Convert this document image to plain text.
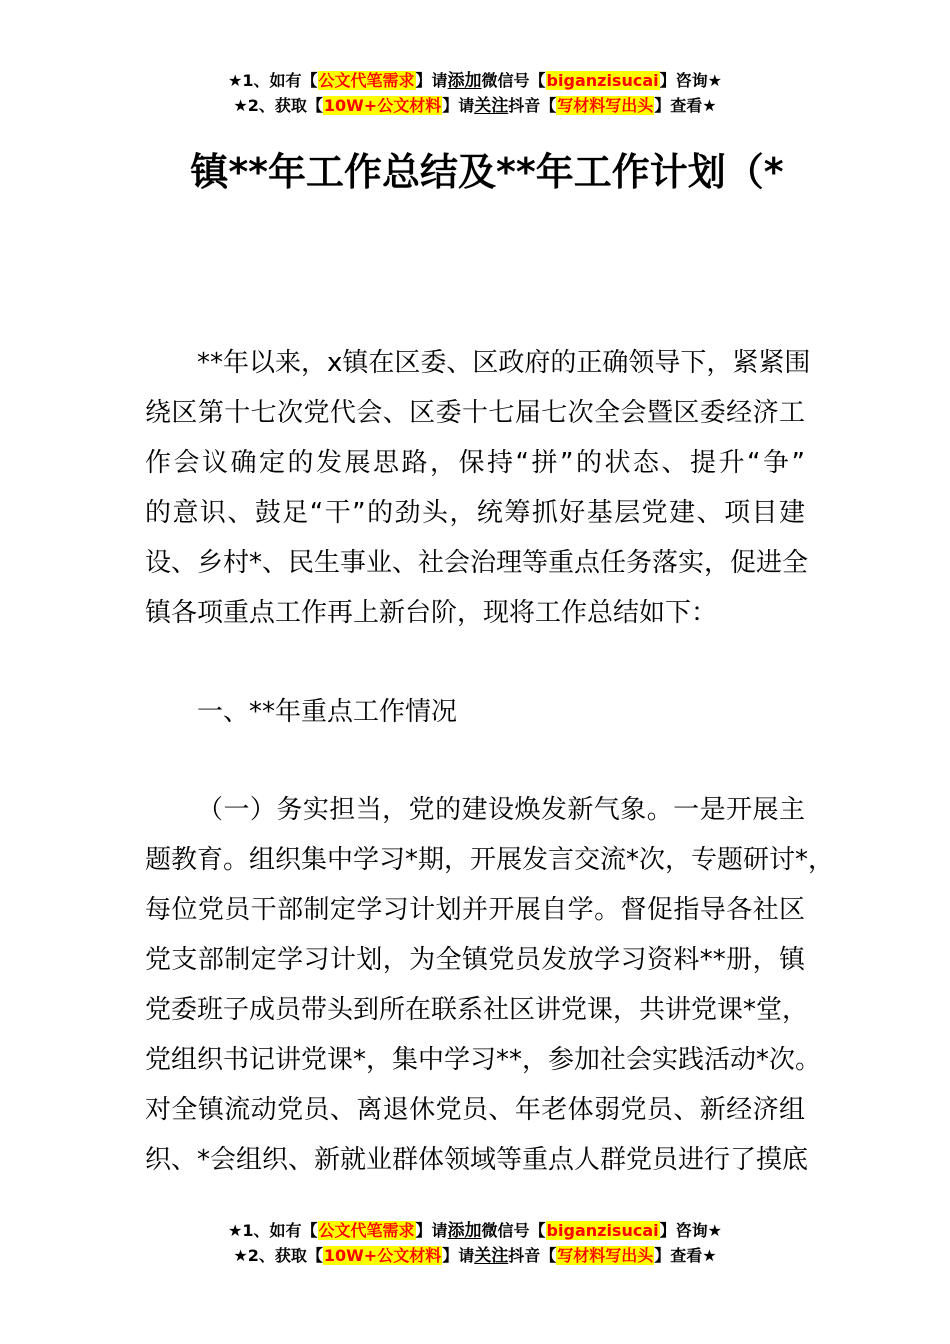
★1、如有【公文代笔需求】请添加微信号【biganzisucai】咨询★
★2、获取【10W+公文材料】请关注抖音【写材料写出头】查看★
镇**年工作总结及**年工作计划（*
**年以来，x镇在区委、区政府的正确领导下，紧紧围
绕区第十七次党代会、区委十七届七次全会暨区委经济工
作会议确定的发展思路，保持“拼”的状态、提升“争”
的意识、鼓足“干”的劲头，统筹抓好基层党建、项目建
设、乡村*、民生事业、社会治理等重点任务落实，促进全
镇各项重点工作再上新台阶，现将工作总结如下：
一、**年重点工作情况
（一）务实担当，党的建设焕发新气象。一是开展主
题教育。组织集中学习*期，开展发言交流*次，专题研讨*，
每位党员干部制定学习计划并开展自学。督促指导各社区
党支部制定学习计划，为全镇党员发放学习资料**册，镇
党委班子成员带头到所在联系社区讲党课，共讲党课*堂，
党组织书记讲党课*，集中学习**，参加社会实践活动*次。
对全镇流动党员、离退休党员、年老体弱党员、新经济组
织、*会组织、新就业群体领域等重点人群党员进行了摸底
★1、如有【公文代笔需求】请添加微信号【biganzisucai】咨询★
★2、获取【10W+公文材料】请关注抖音【写材料写出头】查看★
